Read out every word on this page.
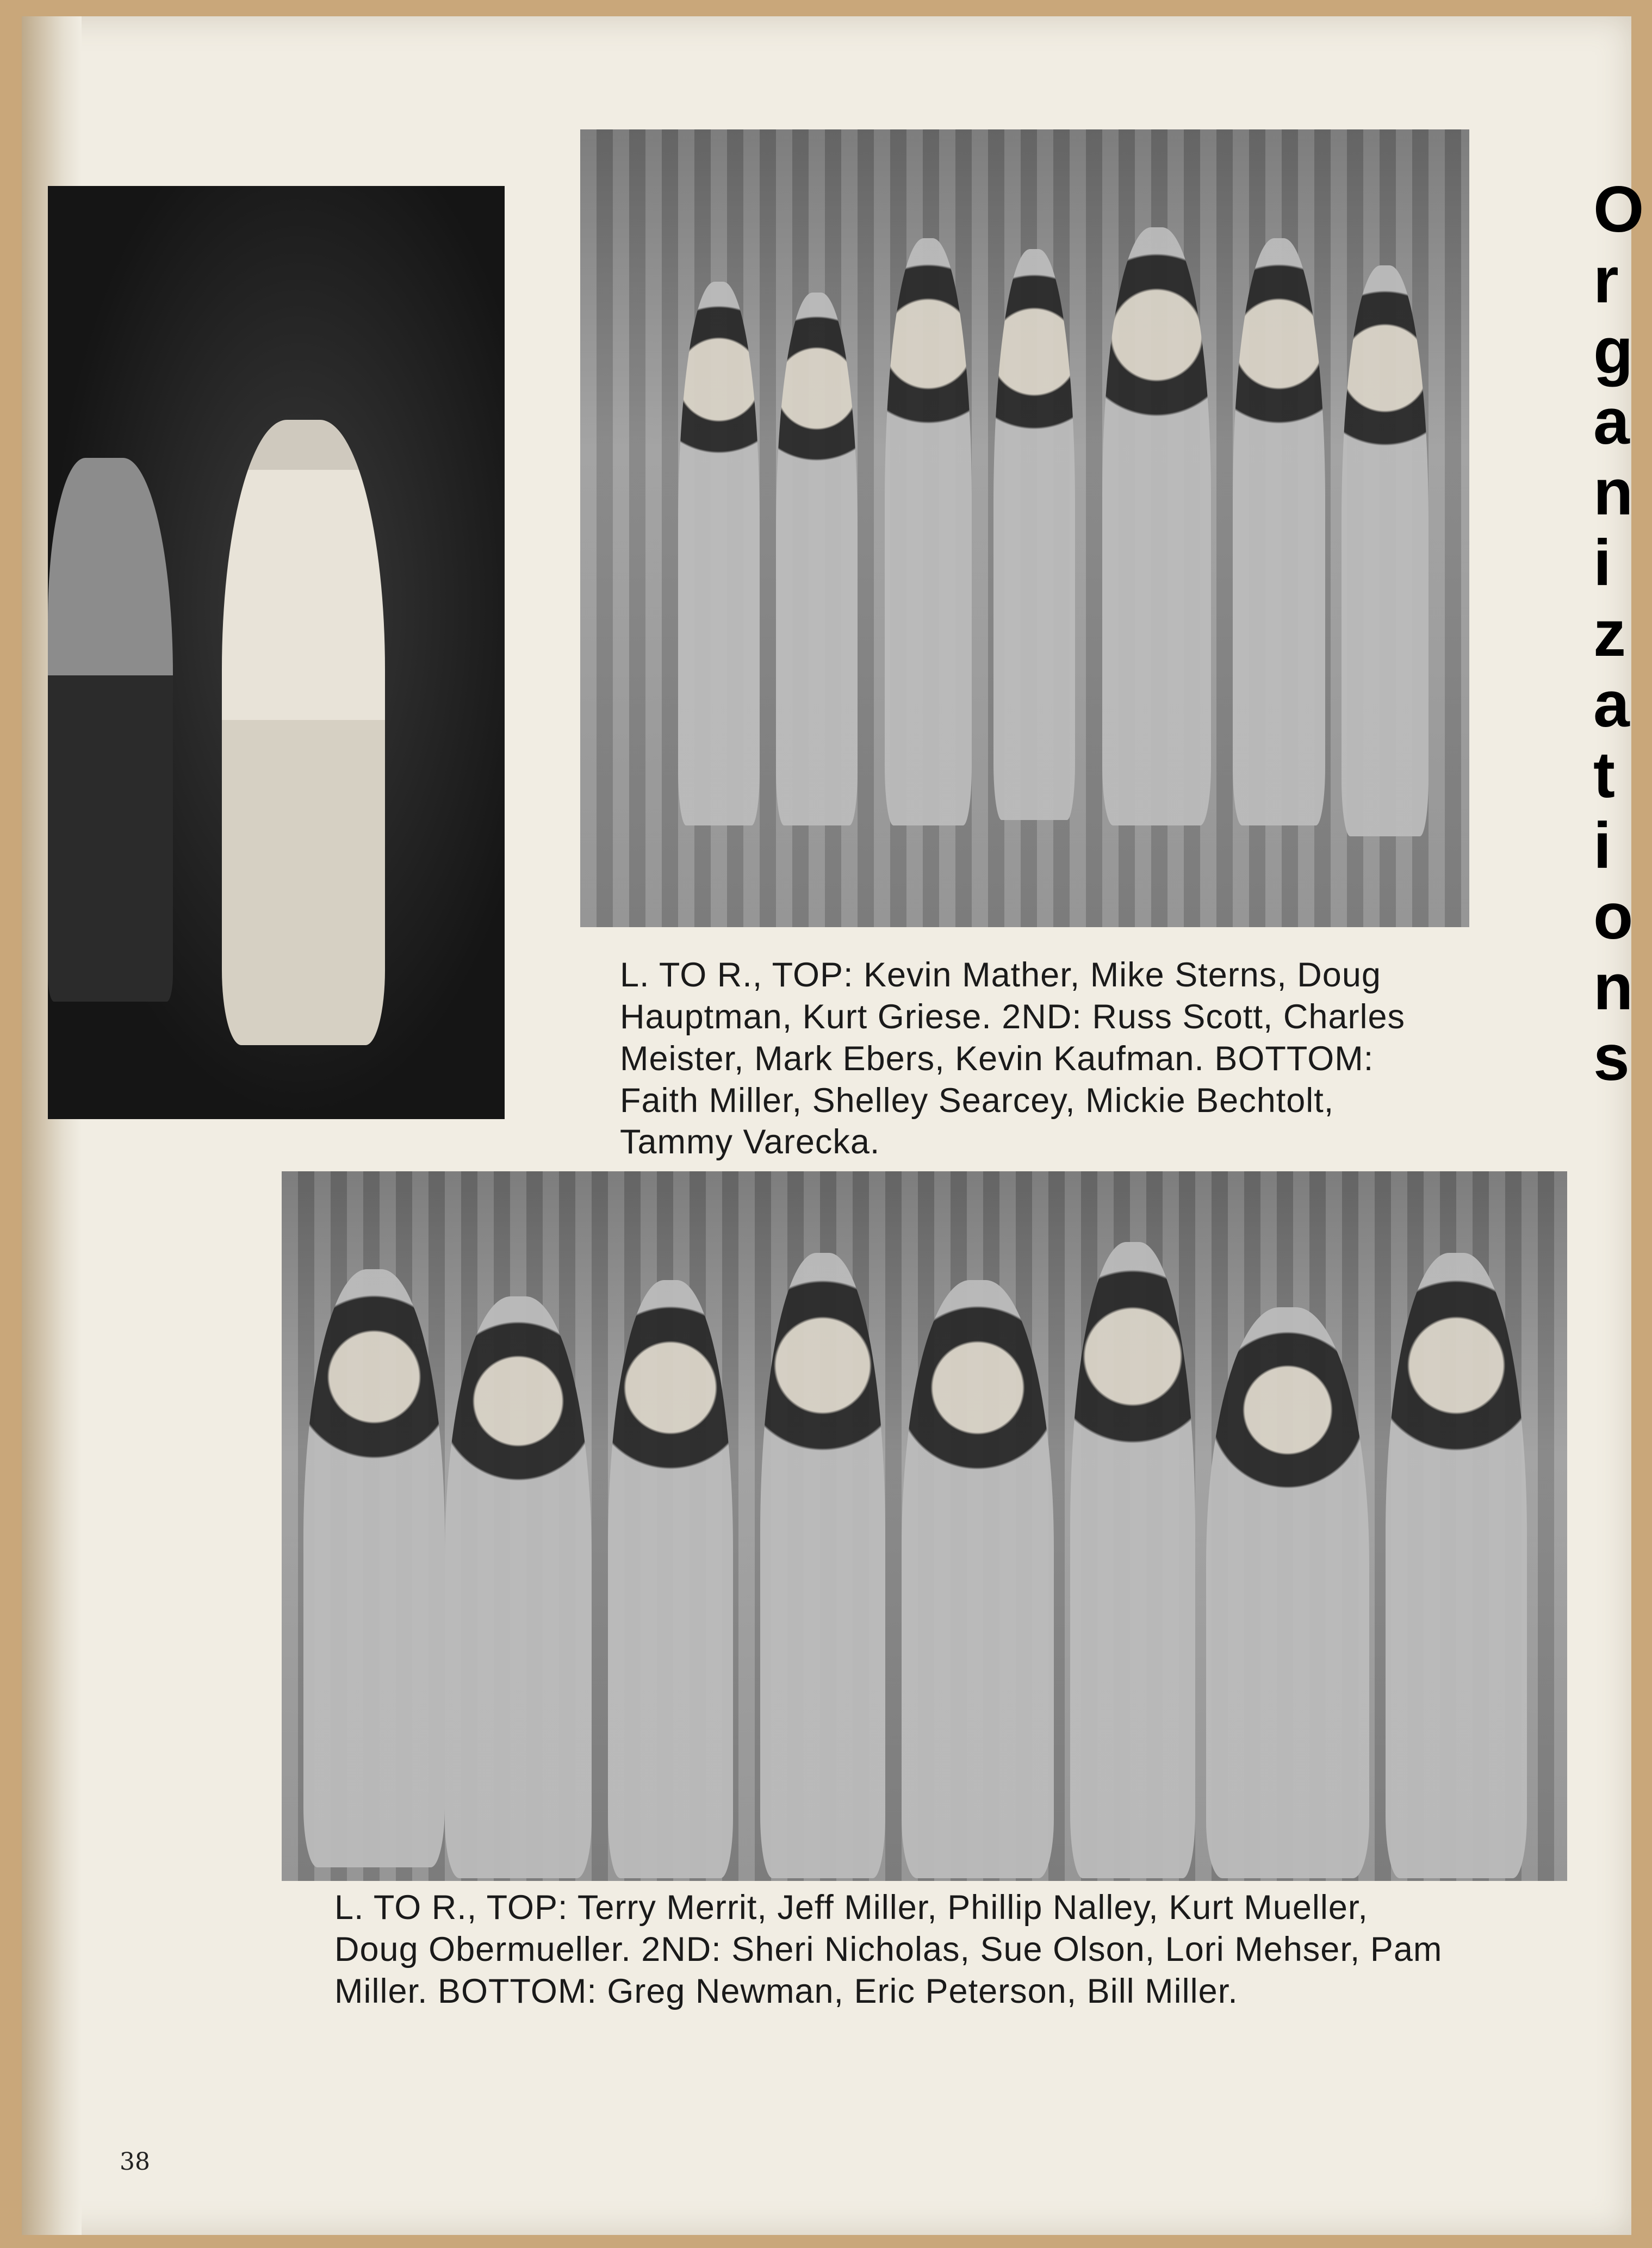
L. TO R., TOP: Kevin Mather, Mike Sterns, Doug
Hauptman, Kurt Griese. 2ND: Russ Scott, Charles
Meister, Mark Ebers, Kevin Kaufman. BOTTOM:
Faith Miller, Shelley Searcey, Mickie Bechtolt,
Tammy Varecka.
L. TO R., TOP: Terry Merrit, Jeff Miller, Phillip Nalley, Kurt Mueller,
Doug Obermueller. 2ND: Sheri Nicholas, Sue Olson, Lori Mehser, Pam
Miller. BOTTOM: Greg Newman, Eric Peterson, Bill Miller.
38
Organizations
